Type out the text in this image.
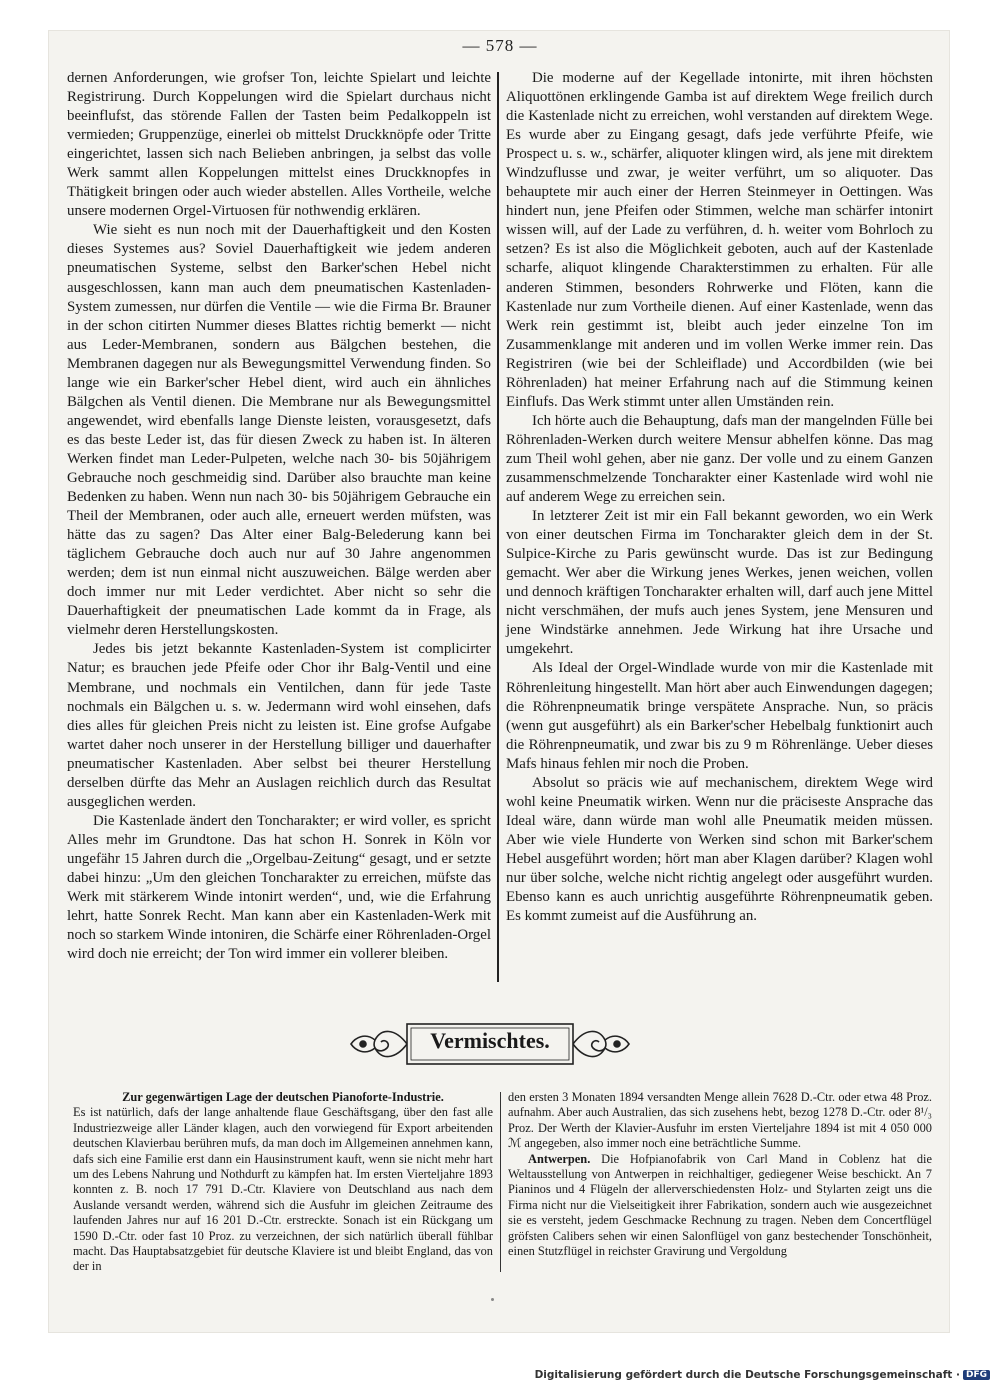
— 578 —

dernen Anforderungen, wie grofser Ton, leichte Spielart und leichte Registrirung. Durch Koppelungen wird die Spielart durchaus nicht beeinflufst, das störende Fallen der Tasten beim Pedalkoppeln ist vermieden; Gruppenzüge, einerlei ob mittelst Druckknöpfe oder Tritte eingerichtet, lassen sich nach Belieben anbringen, ja selbst das volle Werk sammt allen Koppelungen mittelst eines Druckknopfes in Thätigkeit bringen oder auch wieder abstellen. Alles Vortheile, welche unsere modernen Orgel-Virtuosen für nothwendig erklären.

Wie sieht es nun noch mit der Dauerhaftigkeit und den Kosten dieses Systemes aus? Soviel Dauerhaftigkeit wie jedem anderen pneumatischen Systeme, selbst den Barker'schen Hebel nicht ausgeschlossen, kann man auch dem pneumatischen Kastenladen-System zumessen, nur dürfen die Ventile — wie die Firma Br. Brauner in der schon citirten Nummer dieses Blattes richtig bemerkt — nicht aus Leder-Membranen, sondern aus Bälgchen bestehen, die Membranen dagegen nur als Bewegungsmittel Verwendung finden. So lange wie ein Barker'scher Hebel dient, wird auch ein ähnliches Bälgchen als Ventil dienen. Die Membrane nur als Bewegungsmittel angewendet, wird ebenfalls lange Dienste leisten, vorausgesetzt, dafs es das beste Leder ist, das für diesen Zweck zu haben ist. In älteren Werken findet man Leder-Pulpeten, welche nach 30- bis 50jährigem Gebrauche noch geschmeidig sind. Darüber also brauchte man keine Bedenken zu haben. Wenn nun nach 30- bis 50jährigem Gebrauche ein Theil der Membranen, oder auch alle, erneuert werden müfsten, was hätte das zu sagen? Das Alter einer Balg-Belederung kann bei täglichem Gebrauche doch auch nur auf 30 Jahre angenommen werden; dem ist nun einmal nicht auszuweichen. Bälge werden aber doch immer nur mit Leder verdichtet. Aber nicht so sehr die Dauerhaftigkeit der pneumatischen Lade kommt da in Frage, als vielmehr deren Herstellungskosten.

Jedes bis jetzt bekannte Kastenladen-System ist complicirter Natur; es brauchen jede Pfeife oder Chor ihr Balg-Ventil und eine Membrane, und nochmals ein Ventilchen, dann für jede Taste nochmals ein Bälgchen u. s. w. Jedermann wird wohl einsehen, dafs dies alles für gleichen Preis nicht zu leisten ist. Eine grofse Aufgabe wartet daher noch unserer in der Herstellung billiger und dauerhafter pneumatischer Kastenladen. Aber selbst bei theurer Herstellung derselben dürfte das Mehr an Auslagen reichlich durch das Resultat ausgeglichen werden.

Die Kastenlade ändert den Toncharakter; er wird voller, es spricht Alles mehr im Grundtone. Das hat schon H. Sonrek in Köln vor ungefähr 15 Jahren durch die „Orgelbau-Zeitung“ gesagt, und er setzte dabei hinzu: „Um den gleichen Toncharakter zu erreichen, müfste das Werk mit stärkerem Winde intonirt werden“, und, wie die Erfahrung lehrt, hatte Sonrek Recht. Man kann aber ein Kastenladen-Werk mit noch so starkem Winde intoniren, die Schärfe einer Röhrenladen-Orgel wird doch nie erreicht; der Ton wird immer ein vollerer bleiben.

Die moderne auf der Kegellade intonirte, mit ihren höchsten Aliquottönen erklingende Gamba ist auf direktem Wege freilich durch die Kastenlade nicht zu erreichen, wohl verstanden auf direktem Wege. Es wurde aber zu Eingang gesagt, dafs jede verführte Pfeife, wie Prospect u. s. w., schärfer, aliquoter klingen wird, als jene mit direktem Windzuflusse und zwar, je weiter verführt, um so aliquoter. Das behauptete mir auch einer der Herren Steinmeyer in Oettingen. Was hindert nun, jene Pfeifen oder Stimmen, welche man schärfer intonirt wissen will, auf der Lade zu verführen, d. h. weiter vom Bohrloch zu setzen? Es ist also die Möglichkeit geboten, auch auf der Kastenlade scharfe, aliquot klingende Charakterstimmen zu erhalten. Für alle anderen Stimmen, besonders Rohrwerke und Flöten, kann die Kastenlade nur zum Vortheile dienen. Auf einer Kastenlade, wenn das Werk rein gestimmt ist, bleibt auch jeder einzelne Ton im Zusammenklange mit anderen und im vollen Werke immer rein. Das Registriren (wie bei der Schleiflade) und Accordbilden (wie bei Röhrenladen) hat meiner Erfahrung nach auf die Stimmung keinen Einflufs. Das Werk stimmt unter allen Umständen rein.

Ich hörte auch die Behauptung, dafs man der mangelnden Fülle bei Röhrenladen-Werken durch weitere Mensur abhelfen könne. Das mag zum Theil wohl gehen, aber nie ganz. Der volle und zu einem Ganzen zusammenschmelzende Toncharakter einer Kastenlade wird wohl nie auf anderem Wege zu erreichen sein.

In letzterer Zeit ist mir ein Fall bekannt geworden, wo ein Werk von einer deutschen Firma im Toncharakter gleich dem in der St. Sulpice-Kirche zu Paris gewünscht wurde. Das ist zur Bedingung gemacht. Wer aber die Wirkung jenes Werkes, jenen weichen, vollen und dennoch kräftigen Toncharakter erhalten will, darf auch jene Mittel nicht verschmähen, der mufs auch jenes System, jene Mensuren und jene Windstärke annehmen. Jede Wirkung hat ihre Ursache und umgekehrt.

Als Ideal der Orgel-Windlade wurde von mir die Kastenlade mit Röhrenleitung hingestellt. Man hört aber auch Einwendungen dagegen; die Röhrenpneumatik bringe verspätete Ansprache. Nun, so präcis (wenn gut ausgeführt) als ein Barker'scher Hebelbalg funktionirt auch die Röhrenpneumatik, und zwar bis zu 9 m Röhrenlänge. Ueber dieses Mafs hinaus fehlen mir noch die Proben.

Absolut so präcis wie auf mechanischem, direktem Wege wird wohl keine Pneumatik wirken. Wenn nur die präciseste Ansprache das Ideal wäre, dann würde man wohl alle Pneumatik meiden müssen. Aber wie viele Hunderte von Werken sind schon mit Barker'schem Hebel ausgeführt worden; hört man aber Klagen darüber? Klagen wohl nur über solche, welche nicht richtig angelegt oder ausgeführt wurden. Ebenso kann es auch unrichtig ausgeführte Röhrenpneumatik geben. Es kommt zumeist auf die Ausführung an.

Vermischtes.

Zur gegenwärtigen Lage der deutschen Pianoforte-Industrie.

Es ist natürlich, dafs der lange anhaltende flaue Geschäftsgang, über den fast alle Industriezweige aller Länder klagen, auch den vorwiegend für Export arbeitenden deutschen Klavierbau berühren mufs, da man doch im Allgemeinen annehmen kann, dafs sich eine Familie erst dann ein Hausinstrument kauft, wenn sie nicht mehr hart um des Lebens Nahrung und Nothdurft zu kämpfen hat. Im ersten Vierteljahre 1893 konnten z. B. noch 17 791 D.-Ctr. Klaviere von Deutschland aus nach dem Auslande versandt werden, während sich die Ausfuhr im gleichen Zeitraume des laufenden Jahres nur auf 16 201 D.-Ctr. erstreckte. Sonach ist ein Rückgang um 1590 D.-Ctr. oder fast 10 Proz. zu verzeichnen, der sich natürlich überall fühlbar macht. Das Hauptabsatzgebiet für deutsche Klaviere ist und bleibt England, das von der in

den ersten 3 Monaten 1894 versandten Menge allein 7628 D.-Ctr. oder etwa 48 Proz. aufnahm. Aber auch Australien, das sich zusehens hebt, bezog 1278 D.-Ctr. oder 8¹/₃ Proz. Der Werth der Klavier-Ausfuhr im ersten Vierteljahre 1894 ist mit 4 050 000 ℳ angegeben, also immer noch eine beträchtliche Summe.

Antwerpen. Die Hofpianofabrik von Carl Mand in Coblenz hat die Weltausstellung von Antwerpen in reichhaltiger, gediegener Weise beschickt. An 7 Pianinos und 4 Flügeln der allerverschiedensten Holz- und Stylarten zeigt uns die Firma nicht nur die Vielseitigkeit ihrer Fabrikation, sondern auch wie ausgezeichnet sie es versteht, jedem Geschmacke Rechnung zu tragen. Neben dem Concertflügel gröfsten Calibers sehen wir einen Salonflügel von ganz bestechender Tonschönheit, einen Stutzflügel in reichster Gravirung und Vergoldung

Digitalisierung gefördert durch die Deutsche Forschungsgemeinschaft · DFG
